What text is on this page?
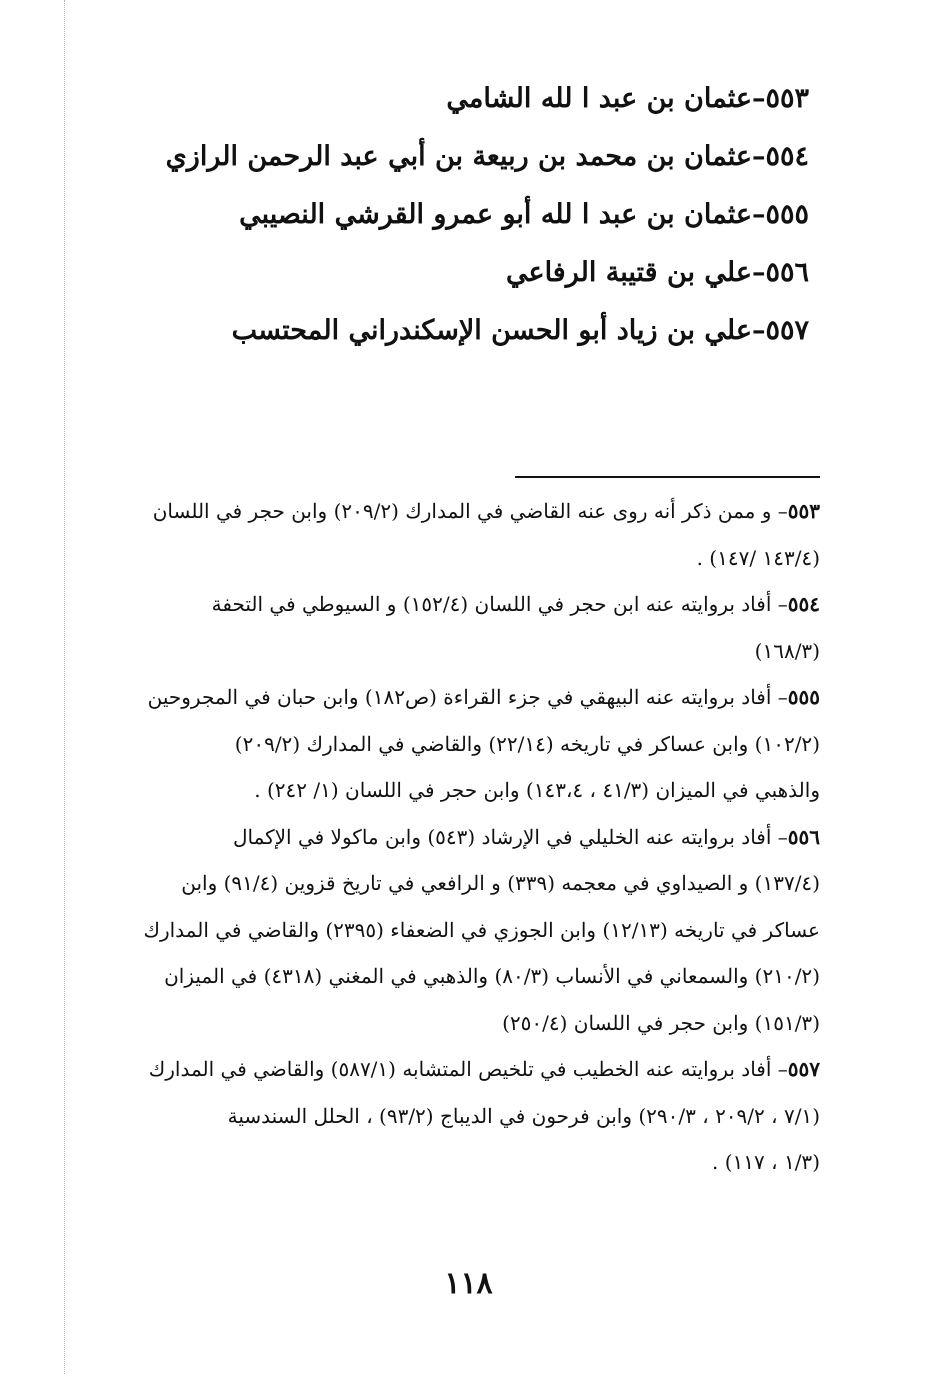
٥٥٣–عثمان بن عبد ا لله الشامي
٥٥٤–عثمان بن محمد بن ربيعة بن أبي عبد الرحمن الرازي
٥٥٥–عثمان بن عبد ا لله أبو عمرو القرشي النصيبي
٥٥٦–علي بن قتيبة الرفاعي
٥٥٧–علي بن زياد أبو الحسن الإسكندراني المحتسب
٥٥٣– و ممن ذكر أنه روى عنه القاضي في المدارك (٢٠٩/٢) وابن حجر في اللسان
(١٤٣/٤ /١٤٧) .
٥٥٤– أفاد بروايته عنه ابن حجر في اللسان (١٥٢/٤) و السيوطي في التحفة
(١٦٨/٣)
٥٥٥– أفاد بروايته عنه البيهقي في جزء القراءة (ص١٨٢) وابن حبان في المجروحين
(١٠٢/٢) وابن عساكر في تاريخه (٢٢/١٤) والقاضي في المدارك (٢٠٩/٢)
والذهبي في الميزان (٤١/٣ ، ١٤٣،٤) وابن حجر في اللسان (١/ ٢٤٢) .
٥٥٦– أفاد بروايته عنه الخليلي في الإرشاد (٥٤٣) وابن ماكولا في الإكمال
(١٣٧/٤) و الصيداوي في معجمه (٣٣٩) و الرافعي في تاريخ قزوين (٩١/٤) وابن
عساكر في تاريخه (١٢/١٣) وابن الجوزي في الضعفاء (٢٣٩٥) والقاضي في المدارك
(٢١٠/٢) والسمعاني في الأنساب (٨٠/٣) والذهبي في المغني (٤٣١٨) في الميزان
(١٥١/٣) وابن حجر في اللسان (٢٥٠/٤)
٥٥٧– أفاد بروايته عنه الخطيب في تلخيص المتشابه (٥٨٧/١) والقاضي في المدارك
(٧/١ ، ٢٠٩/٢ ، ٢٩٠/٣) وابن فرحون في الديباج (٩٣/٢) ، الحلل السندسية
(١/٣ ، ١١٧) .
١١٨
